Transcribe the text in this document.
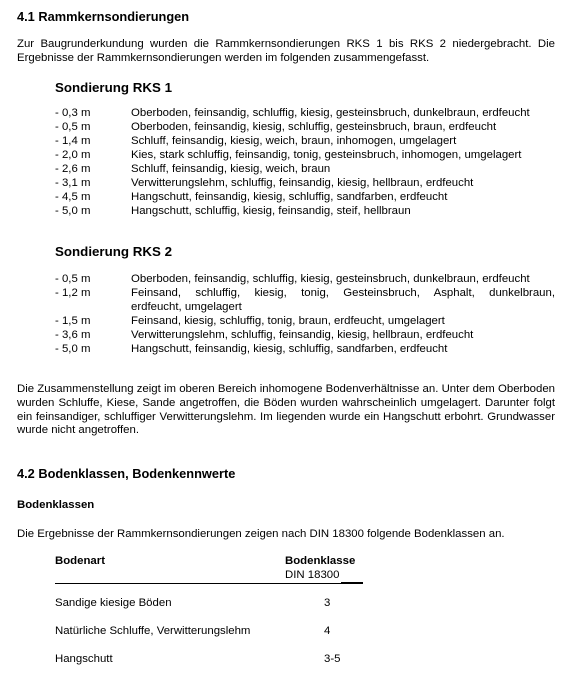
4.1 Rammkernsondierungen

Zur Baugrunderkundung wurden die Rammkernsondierungen RKS 1 bis RKS 2 niedergebracht. Die Ergebnisse der Rammkernsondierungen werden im folgenden zusammengefasst.

Sondierung RKS 1
- 0,3 m	Oberboden, feinsandig, schluffig, kiesig, gesteinsbruch, dunkelbraun, erdfeucht
- 0,5 m	Oberboden, feinsandig, kiesig, schluffig, gesteinsbruch, braun, erdfeucht
- 1,4 m	Schluff, feinsandig, kiesig, weich, braun, inhomogen, umgelagert
- 2,0 m	Kies, stark schluffig, feinsandig, tonig, gesteinsbruch, inhomogen, umgelagert
- 2,6 m	Schluff, feinsandig, kiesig, weich, braun
- 3,1 m	Verwitterungslehm, schluffig, feinsandig, kiesig, hellbraun, erdfeucht
- 4,5 m	Hangschutt, feinsandig, kiesig, schluffig, sandfarben, erdfeucht
- 5,0 m	Hangschutt, schluffig, kiesig, feinsandig, steif, hellbraun
Sondierung RKS 2
- 0,5 m	Oberboden, feinsandig, schluffig, kiesig, gesteinsbruch, dunkelbraun, erdfeucht
- 1,2 m	Feinsand, schluffig, kiesig, tonig, Gesteinsbruch, Asphalt, dunkelbraun,
erdfeucht, umgelagert
- 1,5 m	Feinsand, kiesig, schluffig, tonig, braun, erdfeucht, umgelagert
- 3,6 m	Verwitterungslehm, schluffig, feinsandig, kiesig, hellbraun, erdfeucht
- 5,0 m	Hangschutt, feinsandig, kiesig, schluffig, sandfarben, erdfeucht

Die Zusammenstellung zeigt im oberen Bereich inhomogene Bodenverhältnisse an. Unter dem Oberboden wurden Schluffe, Kiese, Sande angetroffen, die Böden wurden wahrscheinlich umgelagert. Darunter folgt ein feinsandiger, schluffiger Verwitterungslehm. Im liegenden wurde ein Hangschutt erbohrt. Grundwasser wurde nicht angetroffen.

4.2 Bodenklassen, Bodenkennwerte
Bodenklassen

Die Ergebnisse der Rammkernsondierungen zeigen nach DIN 18300 folgende Bodenklassen an.

Bodenart	Bodenklasse
DIN 18300
Sandige kiesige Böden	3
Natürliche Schluffe, Verwitterungslehm	4
Hangschutt	3-5
